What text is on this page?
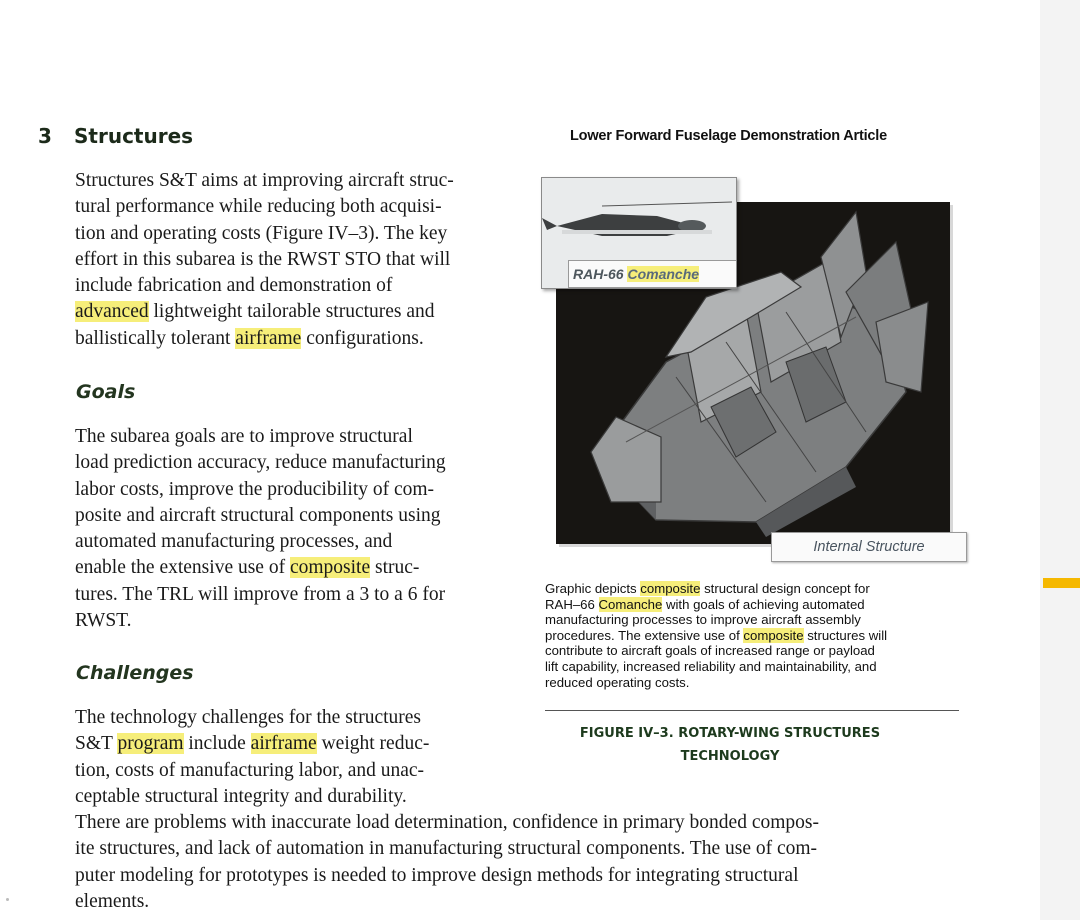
3 Structures

Structures S&T aims at improving aircraft struc-
tural performance while reducing both acquisi-
tion and operating costs (Figure IV–3). The key
effort in this subarea is the RWST STO that will
include fabrication and demonstration of
advanced lightweight tailorable structures and
ballistically tolerant airframe configurations.

Goals

The subarea goals are to improve structural
load prediction accuracy, reduce manufacturing
labor costs, improve the producibility of com-
posite and aircraft structural components using
automated manufacturing processes, and
enable the extensive use of composite struc-
tures. The TRL will improve from a 3 to a 6 for
RWST.

Challenges

The technology challenges for the structures
S&T program include airframe weight reduc-
tion, costs of manufacturing labor, and unac-
ceptable structural integrity and durability.
There are problems with inaccurate load determination, confidence in primary bonded compos-
ite structures, and lack of automation in manufacturing structural components. The use of com-
puter modeling for prototypes is needed to improve design methods for integrating structural
elements.

Lower Forward Fuselage Demonstration Article
RAH-66 Comanche
Internal Structure

Graphic depicts composite structural design concept for
RAH–66 Comanche with goals of achieving automated
manufacturing processes to improve aircraft assembly
procedures. The extensive use of composite structures will
contribute to aircraft goals of increased range or payload
lift capability, increased reliability and maintainability, and
reduced operating costs.

FIGURE IV–3. ROTARY-WING STRUCTURES
TECHNOLOGY
